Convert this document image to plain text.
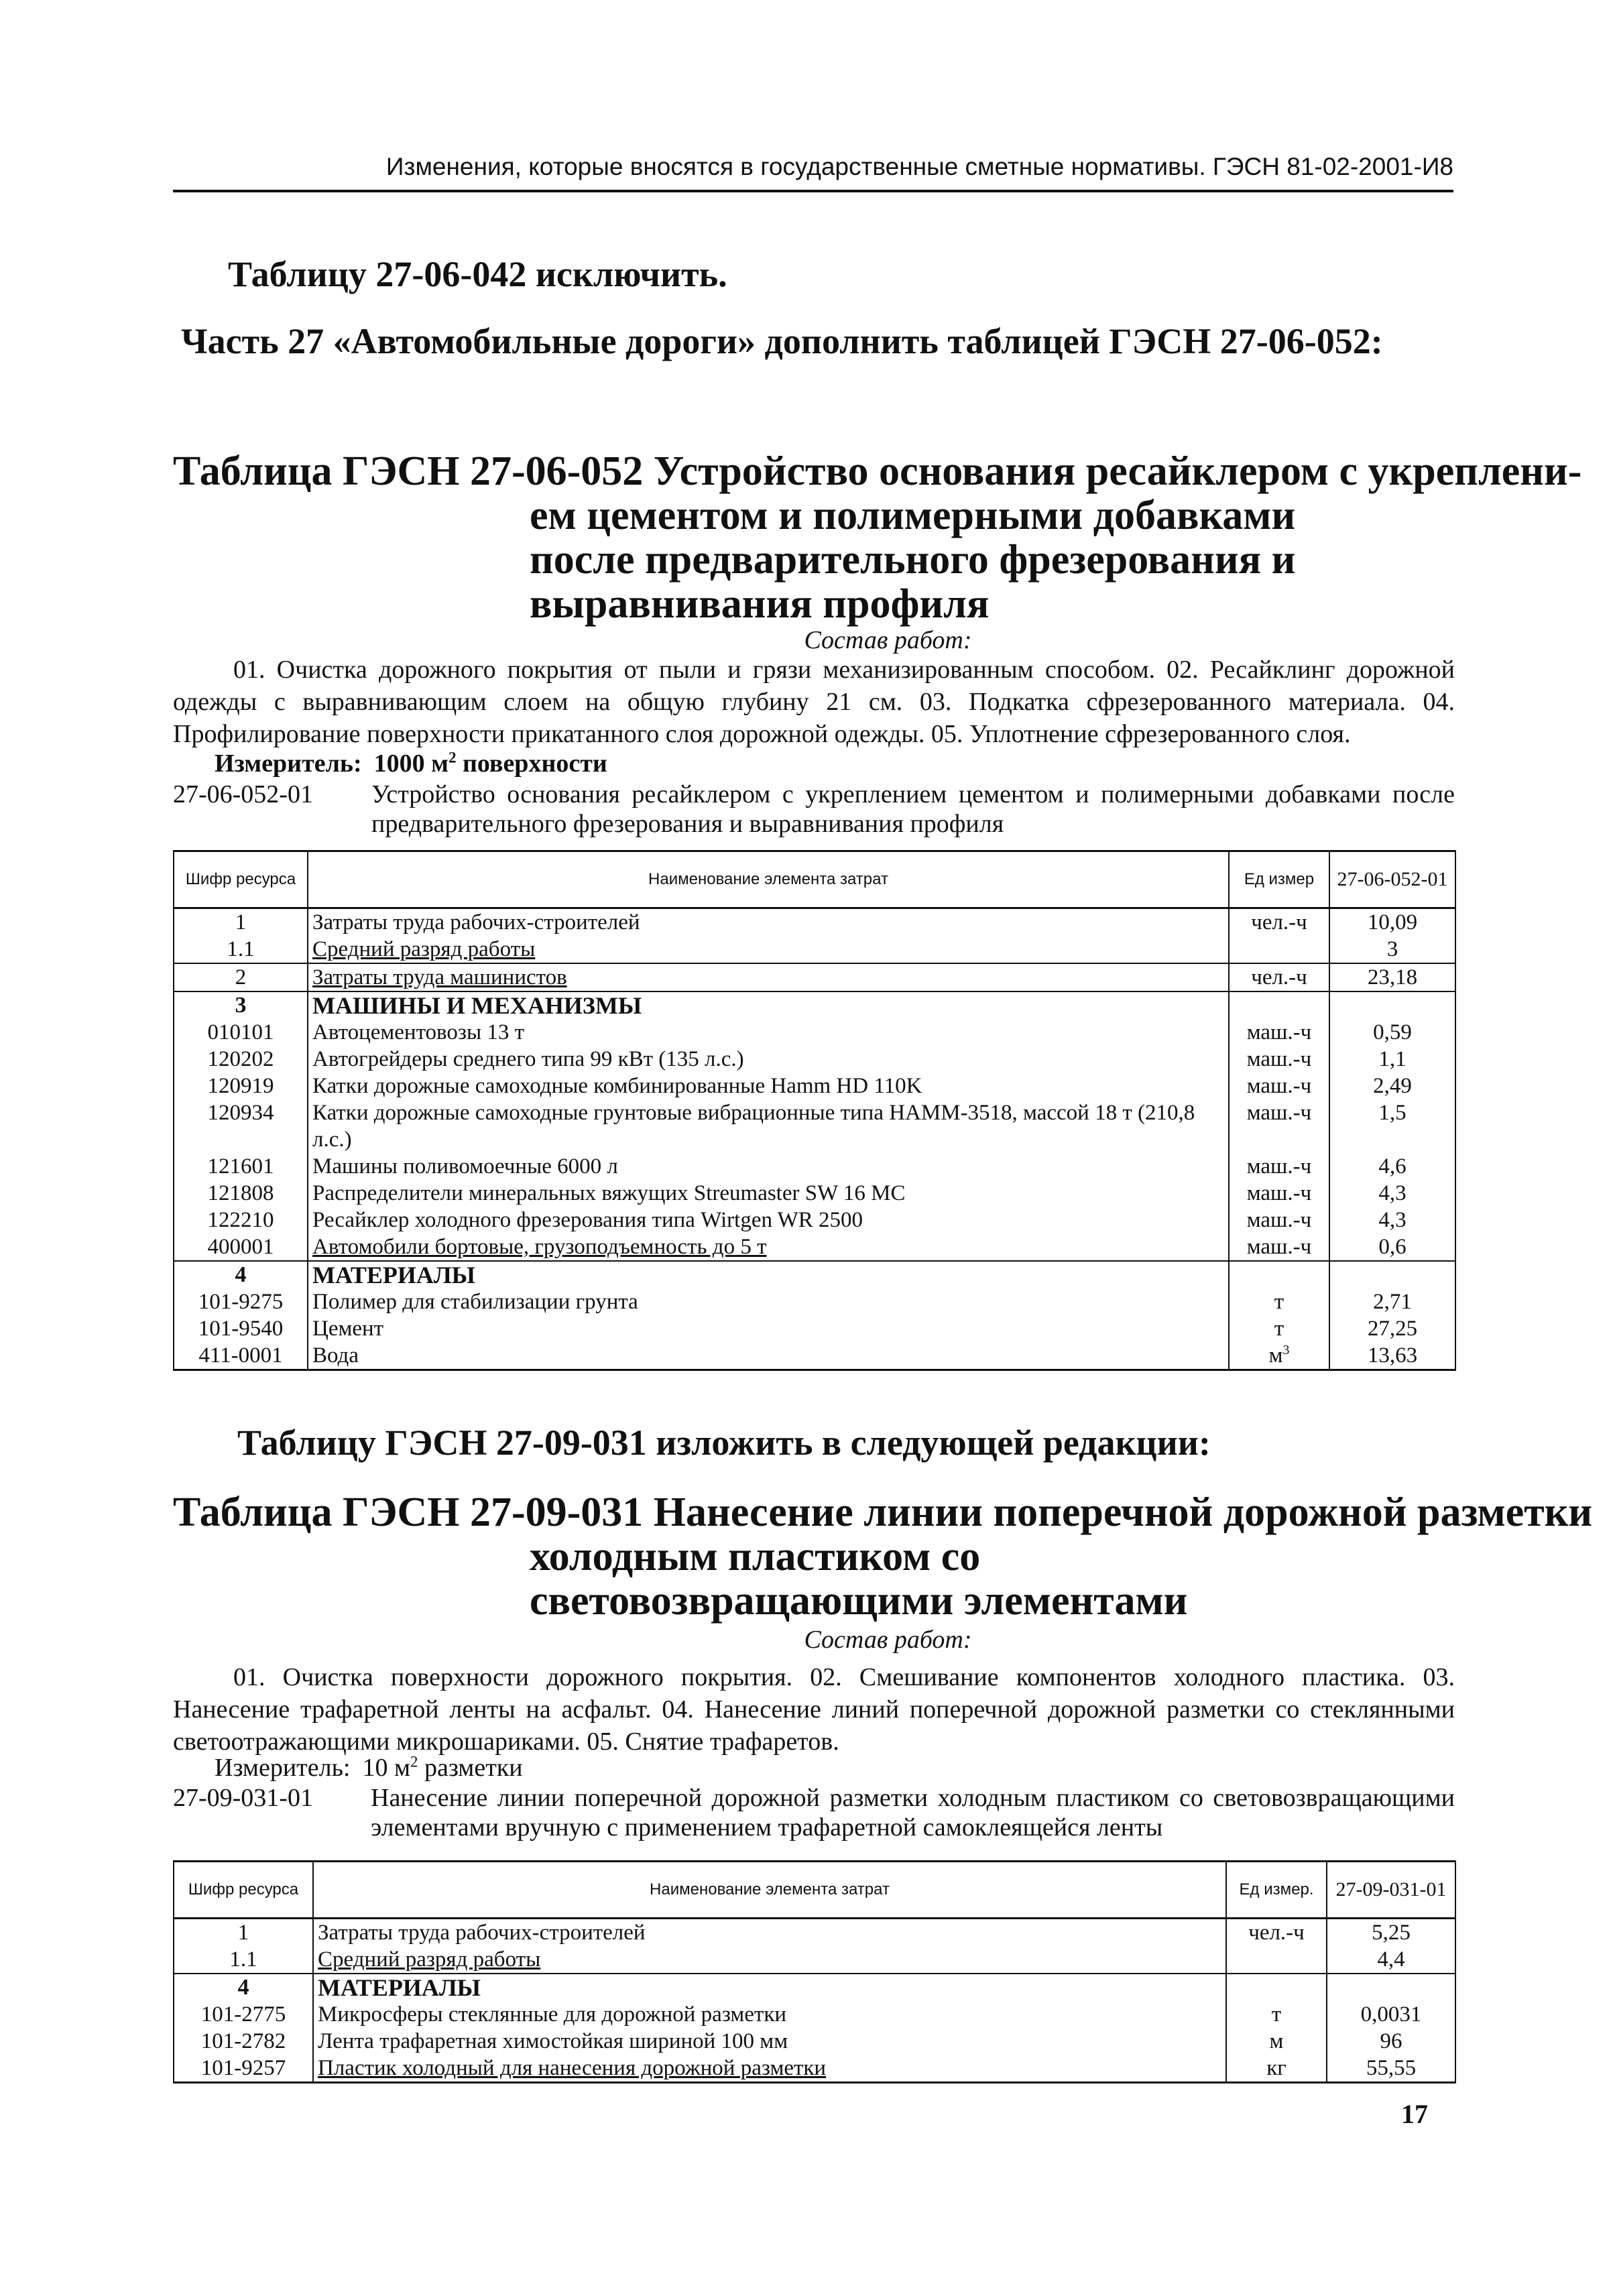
Изменения, которые вносятся в государственные сметные нормативы. ГЭСН 81-02-2001-И8
Таблицу 27-06-042 исключить.
Часть 27 «Автомобильные дороги» дополнить таблицей ГЭСН 27-06-052:
Таблица ГЭСН 27-06-052 Устройство основания ресайклером с укреплени-
ем цементом и полимерными добавками после предварительного фрезерования и выравнивания профиля
Состав работ:
01. Очистка дорожного покрытия от пыли и грязи механизированным способом. 02. Ресайклинг дорожной одежды с выравнивающим слоем на общую глубину 21 см. 03. Подкатка сфрезерованного материала. 04. Профилирование поверхности прикатанного слоя дорожной одежды. 05. Уплотнение сфрезерованного слоя.
Измеритель: 1000 $м^2$ поверхности
27-06-052-01 Устройство основания ресайклером с укреплением цементом и полимерными добавками после предварительного фрезерования и выравнивания профиля
Шифр ресурса	Наименование элемента затрат	Ед измер	27-06-052-01
1	Затраты труда рабочих-строителей	чел.-ч	10,09
1.1	Средний разряд работы		3
2	Затраты труда машинистов	чел.-ч	23,18
3	МАШИНЫ И МЕХАНИЗМЫ		
010101	Автоцементовозы 13 т	маш.-ч	0,59
120202	Автогрейдеры среднего типа 99 кВт (135 л.с.)	маш.-ч	1,1
120919	Катки дорожные самоходные комбинированные Hamm HD 110K	маш.-ч	2,49
120934	Катки дорожные самоходные грунтовые вибрационные типа НАММ-3518, массой 18 т (210,8 л.с.)	маш.-ч	1,5
121601	Машины поливомоечные 6000 л	маш.-ч	4,6
121808	Распределители минеральных вяжущих Streumaster SW 16 MC	маш.-ч	4,3
122210	Ресайклер холодного фрезерования типа Wirtgen WR 2500	маш.-ч	4,3
400001	Автомобили бортовые, грузоподъемность до 5 т	маш.-ч	0,6
4	МАТЕРИАЛЫ		
101-9275	Полимер для стабилизации грунта	т	2,71
101-9540	Цемент	т	27,25
411-0001	Вода	$м^3$	13,63
Таблицу ГЭСН 27-09-031 изложить в следующей редакции:
Таблица ГЭСН 27-09-031 Нанесение линии поперечной дорожной разметки
холодным пластиком со световозвращающими элементами
Состав работ:
01. Очистка поверхности дорожного покрытия. 02. Смешивание компонентов холодного пластика. 03. Нанесение трафаретной ленты на асфальт. 04. Нанесение линий поперечной дорожной разметки со стеклянными светоотражающими микрошариками. 05. Снятие трафаретов.
Измеритель: 10 $м^2$ разметки
27-09-031-01 Нанесение линии поперечной дорожной разметки холодным пластиком со световозвращающими элементами вручную с применением трафаретной самоклеящейся ленты
Шифр ресурса	Наименование элемента затрат	Ед измер.	27-09-031-01
1	Затраты труда рабочих-строителей	чел.-ч	5,25
1.1	Средний разряд работы		4,4
4	МАТЕРИАЛЫ		
101-2775	Микросферы стеклянные для дорожной разметки	т	0,0031
101-2782	Лента трафаретная химостойкая шириной 100 мм	м	96
101-9257	Пластик холодный для нанесения дорожной разметки	кг	55,55
17
